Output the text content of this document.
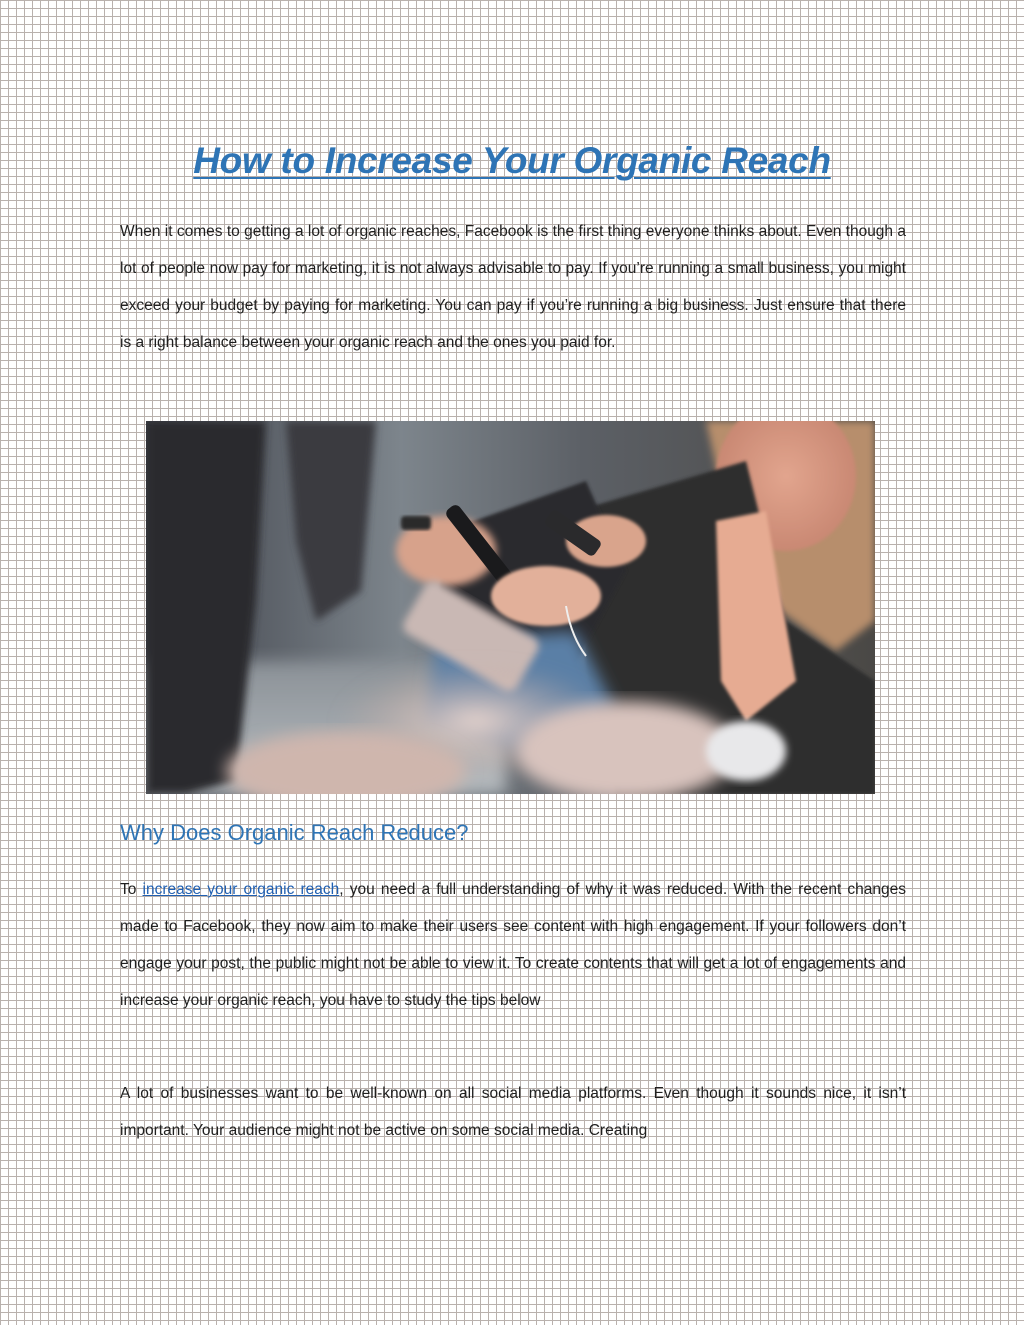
How to Increase Your Organic Reach

When it comes to getting a lot of organic reaches, Facebook is the first thing everyone thinks about. Even though a lot of people now pay for marketing, it is not always advisable to pay. If you’re running a small business, you might exceed your budget by paying for marketing. You can pay if you’re running a big business. Just ensure that there is a right balance between your organic reach and the ones you paid for.

Why Does Organic Reach Reduce?

To increase your organic reach, you need a full understanding of why it was reduced. With the recent changes made to Facebook, they now aim to make their users see content with high engagement. If your followers don’t engage your post, the public might not be able to view it. To create contents that will get a lot of engagements and increase your organic reach, you have to study the tips below

A lot of businesses want to be well-known on all social media platforms. Even though it sounds nice, it isn’t important. Your audience might not be active on some social media. Creating
